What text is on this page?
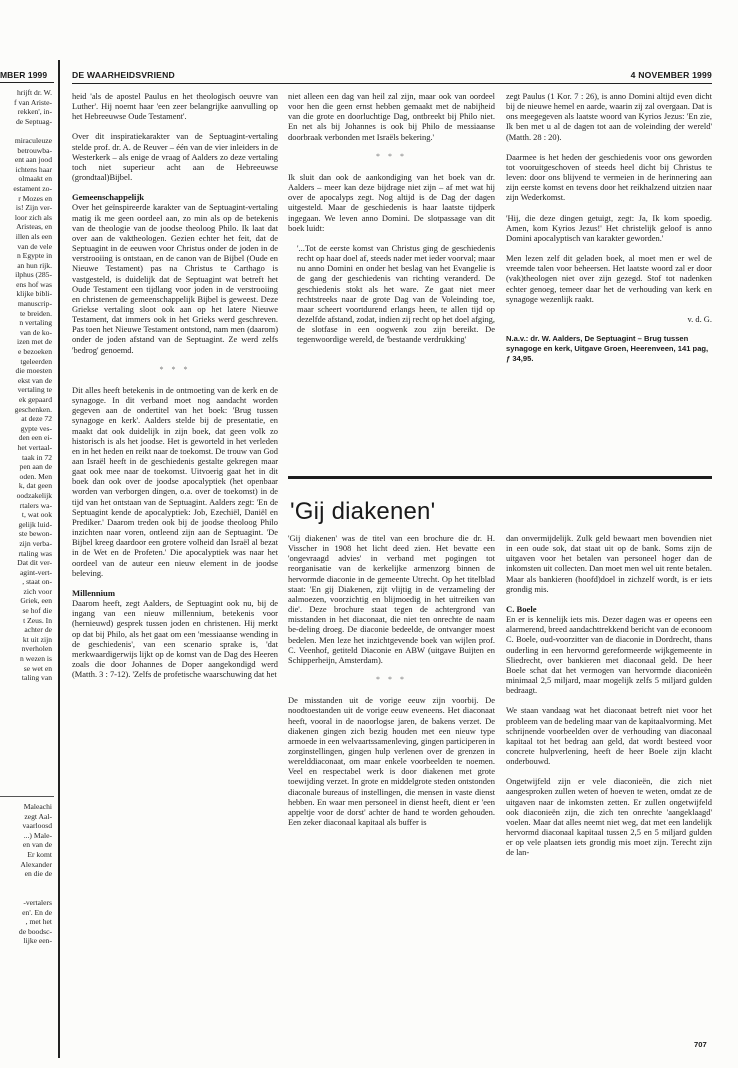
MBER 1999
hrijft dr. W.
f van Ariste-
rekken', in-
de Septuag-

miraculeuze
betrouwba-
ent aan jood
ichtens haar
olmaakt en
estament zo-
r Mozes en
is! Zijn ver-
loor zich als
Aristeas, en
illen als een
van de vele
n Egypte in
an hun rijk.
ilphus (285-
ens hof was
klijke bibli-
manuscrip-
te breiden.
n vertaling
van de ko-
izen met de
e bezoeken
tgeleerden
die moesten
ekst van de
vertaling te
ek gepaard
geschenken.
at deze 72
gypte ves-
den een ei-
het vertaal-
taak in 72
pen aan de
oden. Men
k, dat geen
oodzakelijk
rtalers wa-
t, wat ook
gelijk luid-
ste bewon-
zijn verba-
rtaling was
Dat dit ver-
agint-vert-
, staat on-
zich voor
Griek, een
se hof die
t Zeus. In
achter de
kt uit zijn
nverholen
n wezen is
se wet en
taling van
Maleachi
zegt Aal-
vaarloosd
...) Male-
en van de
Er komt
Alexander
en die de

-vertalers
en'. En de
, met het
de boodsc-
lijke een-
DE WAARHEIDSVRIEND	4 NOVEMBER 1999

heid 'als de apostel Paulus en het theologisch oeuvre van Luther'. Hij noemt haar 'een zeer belangrijke aanvulling op het Hebreeuwse Oude Testament'.

Over dit inspiratiekarakter van de Septuagint-vertaling stelde prof. dr. A. de Reuver – één van de vier inleiders in de Westerkerk – als enige de vraag of Aalders zo deze vertaling toch niet superieur acht aan de Hebreeuwse (grondtaal)Bijbel.

Gemeenschappelijk

Over het geïnspireerde karakter van de Septuagint-vertaling matig ik me geen oordeel aan, zo min als op de betekenis van de theologie van de joodse theoloog Philo. Ik laat dat over aan de vaktheologen. Gezien echter het feit, dat de Septuagint in de eeuwen voor Christus onder de joden in de verstrooiing is ontstaan, en de canon van de Bijbel (Oude en Nieuwe Testament) pas na Christus te Carthago is vastgesteld, is duidelijk dat de Septuagint wat betreft het Oude Testament een tijdlang voor joden in de verstrooiing en christenen de gemeenschappelijk Bijbel is geweest. Deze Griekse vertaling sloot ook aan op het latere Nieuwe Testament, dat immers ook in het Grieks werd geschreven. Pas toen het Nieuwe Testament ontstond, nam men (daarom) onder de joden afstand van de Septuagint. Ze werd zelfs 'bedrog' genoemd.

* * *

Dit alles heeft betekenis in de ontmoeting van de kerk en de synagoge. In dit verband moet nog aandacht worden gegeven aan de ondertitel van het boek: 'Brug tussen synagoge en kerk'. Aalders stelde bij de presentatie, en maakt dat ook duidelijk in zijn boek, dat geen volk zo historisch is als het joodse. Het is geworteld in het verleden en in het heden en reikt naar de toekomst. De trouw van God aan Israël heeft in de geschiedenis gestalte gekregen maar gaat ook mee naar de toekomst. Uitvoerig gaat het in dit boek dan ook over de joodse apocalyptiek (het openbaar worden van verborgen dingen, o.a. over de toekomst) in de tijd van het ontstaan van de Septuagint. Aalders zegt: 'En de Septuagint kende de apocalyptiek: Job, Ezechiël, Daniël en Prediker.' Daarom treden ook bij de joodse theoloog Philo inzichten naar voren, ontleend zijn aan de Septuagint. 'De Bijbel kreeg daardoor een grotere volheid dan Israël al bezat in de Wet en de Profeten.' Die apocalyptiek was naar het oordeel van de auteur een nieuw element in de joodse beleving.

Millennium

Daarom heeft, zegt Aalders, de Septuagint ook nu, bij de ingang van een nieuw millennium, betekenis voor (hernieuwd) gesprek tussen joden en christenen. Hij merkt op dat bij Philo, als het gaat om een 'messiaanse wending in de geschiedenis', van een scenario sprake is, 'dat merkwaardigerwijs lijkt op de komst van de Dag des Heeren zoals die door Johannes de Doper aangekondigd werd (Matth. 3 : 7-12). 'Zelfs de profetische waarschuwing dat het

niet alleen een dag van heil zal zijn, maar ook van oordeel voor hen die geen ernst hebben gemaakt met de nabijheid van die grote en doorluchtige Dag, ontbreekt bij Philo niet. En net als bij Johannes is ook bij Philo de messiaanse doorbraak verbonden met Israëls bekering.'

* * *

Ik sluit dan ook de aankondiging van het boek van dr. Aalders – meer kan deze bijdrage niet zijn – af met wat hij over de apocalyps zegt. Nog altijd is de Dag der dagen uitgesteld. Maar de geschiedenis is haar laatste tijdperk ingegaan. We leven anno Domini. De slotpassage van dit boek luidt:

'...Tot de eerste komst van Christus ging de geschiedenis recht op haar doel af, steeds nader met ieder voorval; maar nu anno Domini en onder het beslag van het Evangelie is de gang der geschiedenis van richting veranderd. De geschiedenis stokt als het ware. Ze gaat niet meer rechtstreeks naar de grote Dag van de Voleinding toe, maar scheert voortdurend erlangs heen, te allen tijd op dezelfde afstand, zodat, indien zij recht op het doel afging, de slotfase in een oogwenk zou zijn bereikt. De tegenwoordige wereld, de 'bestaande verdrukking'

zegt Paulus (1 Kor. 7 : 26), is anno Domini altijd even dicht bij de nieuwe hemel en aarde, waarin zij zal overgaan. Dat is ons meegegeven als laatste woord van Kyrios Jezus: 'En zie, Ik ben met u al de dagen tot aan de voleinding der wereld' (Matth. 28 : 20).

Daarmee is het heden der geschiedenis voor ons geworden tot vooruitgeschoven of steeds heel dicht bij Christus te leven: door ons blijvend te vermeien in de herinnering aan zijn eerste komst en tevens door het reikhalzend uitzien naar zijn Wederkomst.

'Hij, die deze dingen getuigt, zegt: Ja, Ik kom spoedig. Amen, kom Kyrios Jezus!' Het christelijk geloof is anno Domini apocalyptisch van karakter geworden.'

Men lezen zelf dit geladen boek, al moet men er wel de vreemde talen voor beheersen. Het laatste woord zal er door (vak)theologen niet over zijn gezegd. Stof tot nadenken echter genoeg, temeer daar het de verhouding van kerk en synagoge wezenlijk raakt.

v. d. G.
N.a.v.: dr. W. Aalders, De Septuagint – Brug tussen synagoge en kerk, Uitgave Groen, Heerenveen, 141 pag, ƒ 34,95.
'Gij diakenen'

'Gij diakenen' was de titel van een brochure die dr. H. Visscher in 1908 het licht deed zien. Het bevatte een 'ongevraagd advies' in verband met pogingen tot reorganisatie van de kerkelijke armenzorg binnen de hervormde diaconie in de gemeente Utrecht. Op het titelblad staat: 'En gij Diakenen, zijt vlijtig in de verzameling der aalmoezen, voorzichtig en blijmoedig in het uitreiken van die'. Deze brochure staat tegen de achtergrond van misstanden in het diaconaat, die niet ten onrechte de naam be-deling droeg. De diaconie bedeelde, de ontvanger moest bedelen. Men leze het inzichtgevende boek van wijlen prof. C. Veenhof, getiteld Diaconie en ABW (uitgave Buijten en Schipperheijn, Amsterdam).

* * *

De misstanden uit de vorige eeuw zijn voorbij. De noodtoestanden uit de vorige eeuw eveneens. Het diaconaat heeft, vooral in de naoorlogse jaren, de bakens verzet. De diakenen gingen zich bezig houden met een nieuw type armoede in een welvaartssamenleving, gingen participeren in zorginstellingen, gingen hulp verlenen over de grenzen in werelddiaconaat, om maar enkele voorbeelden te noemen. Veel en respectabel werk is door diakenen met grote toewijding verzet. In grote en middelgrote steden ontstonden diaconale bureaus of instellingen, die mensen in vaste dienst hebben. En waar men personeel in dienst heeft, dient er 'een appeltje voor de dorst' achter de hand te worden gehouden. Een zeker diaconaal kapitaal als buffer is

dan onvermijdelijk. Zulk geld bewaart men bovendien niet in een oude sok, dat staat uit op de bank. Soms zijn de uitgaven voor het betalen van personeel hoger dan de inkomsten uit collecten. Dan moet men wel uit rente betalen. Maar als bankieren (hoofd)doel in zichzelf wordt, is er iets grondig mis.

C. Boele

En er is kennelijk iets mis. Dezer dagen was er opeens een alarmerend, breed aandachttrekkend bericht van de econoom C. Boele, oud-voorzitter van de diaconie in Dordrecht, thans ouderling in een hervormd gereformeerde wijkgemeente in Sliedrecht, over bankieren met diaconaal geld. De heer Boele schat dat het vermogen van hervormde diaconieën minimaal 2,5 miljard, maar mogelijk zelfs 5 miljard gulden bedraagt.

We staan vandaag wat het diaconaat betreft niet voor het probleem van de bedeling maar van de kapitaalvorming. Met schrijnende voorbeelden over de verhouding van diaconaal kapitaal tot het bedrag aan geld, dat wordt besteed voor concrete hulpverlening, heeft de heer Boele zijn klacht onderbouwd.

Ongetwijfeld zijn er vele diaconieën, die zich niet aangesproken zullen weten of hoeven te weten, omdat ze de uitgaven naar de inkomsten zetten. Er zullen ongetwijfeld ook diaconieën zijn, die zich ten onrechte 'aangeklaagd' voelen. Maar dat alles neemt niet weg, dat met een landelijk hervormd diaconaal kapitaal tussen 2,5 en 5 miljard gulden er op vele plaatsen iets grondig mis moet zijn. Terecht zijn de lan-

707
